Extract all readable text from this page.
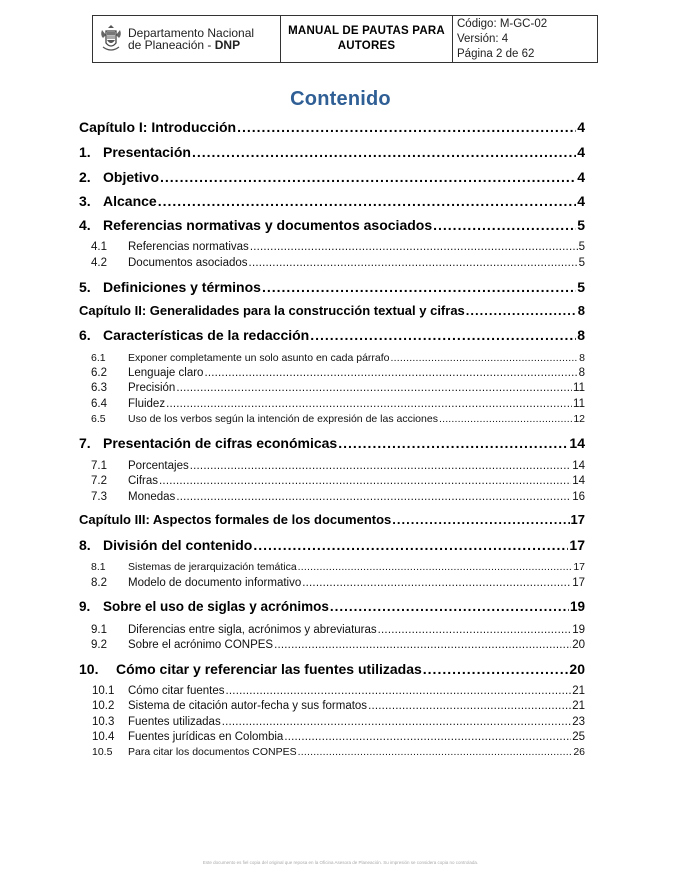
Departamento Nacional
de Planeación - DNP
MANUAL DE PAUTAS PARA AUTORES
Código: M-GC-02
Versión: 4
Página 2 de 62
Contenido
Capítulo I: Introducción .....	4
1. Presentación .....	4
2. Objetivo .....	4
3. Alcance .....	4
4. Referencias normativas y documentos asociados .....	5
4.1	Referencias normativas .....	5
4.2	Documentos asociados .....	5
5. Definiciones y términos .....	5
Capítulo II: Generalidades para la construcción textual y cifras .....	8
6. Características de la redacción .....	8
6.1	Exponer completamente un solo asunto en cada párrafo .....	8
6.2	Lenguaje claro .....	8
6.3	Precisión .....	11
6.4	Fluidez .....	11
6.5	Uso de los verbos según la intención de expresión de las acciones .....	12
7. Presentación de cifras económicas .....	14
7.1	Porcentajes .....	14
7.2	Cifras .....	14
7.3	Monedas .....	16
Capítulo III: Aspectos formales de los documentos .....	17
8. División del contenido .....	17
8.1	Sistemas de jerarquización temática .....	17
8.2	Modelo de documento informativo .....	17
9. Sobre el uso de siglas y acrónimos .....	19
9.1	Diferencias entre sigla, acrónimos y abreviaturas .....	19
9.2	Sobre el acrónimo CONPES .....	20
10.	Cómo citar y referenciar las fuentes utilizadas .....	20
10.1	Cómo citar fuentes .....	21
10.2	Sistema de citación autor-fecha y sus formatos .....	21
10.3	Fuentes utilizadas .....	23
10.4	Fuentes jurídicas en Colombia .....	25
10.5	Para citar los documentos CONPES .....	26
Este documento es fiel copia del original que reposa en la Oficina Asesora de Planeación. Su impresión se considera copia no controlada.
